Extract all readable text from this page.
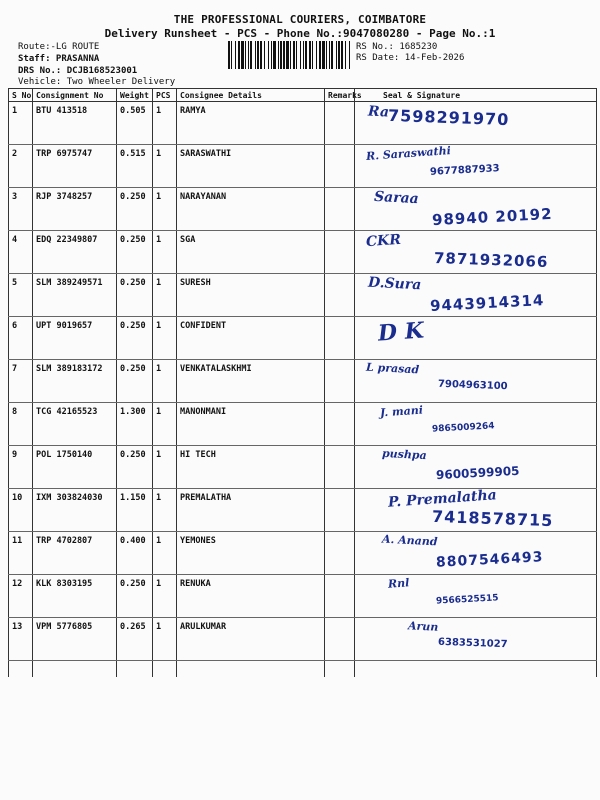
THE PROFESSIONAL COURIERS, COIMBATORE
Delivery Runsheet - PCS - Phone No.:9047080280 - Page No.:1
Route:-LG ROUTE
Staff: PRASANNA
DRS No.: DCJB168523001
Vehicle: Two Wheeler Delivery
RS No.: 1685230
RS Date: 14-Feb-2026
S No	Consignment No	Weight	PCS	Consignee Details	Remarks	Seal & Signature
1	BTU 413518	0.505	1	RAMYA		Ra
7598291970

2	TRP 6975747	0.515	1	SARASWATHI		R. Saraswathi
9677887933

3	RJP 3748257	0.250	1	NARAYANAN		Saraa
98940 20192

4	EDQ 22349807	0.250	1	SGA		CKR
7871932066

5	SLM 389249571	0.250	1	SURESH		D.Sura
9443914314

6	UPT 9019657	0.250	1	CONFIDENT		D K

7	SLM 389183172	0.250	1	VENKATALASKHMI		L prasad
7904963100

8	TCG 42165523	1.300	1	MANONMANI		J. mani
9865009264

9	POL 1750140	0.250	1	HI TECH		pushpa
9600599905

10	IXM 303824030	1.150	1	PREMALATHA		P. Premalatha
7418578715

11	TRP 4702807	0.400	1	YEMONES		A. Anand
8807546493

12	KLK 8303195	0.250	1	RENUKA		Rnl
9566525515

13	VPM 5776805	0.265	1	ARULKUMAR		Arun
6383531027
